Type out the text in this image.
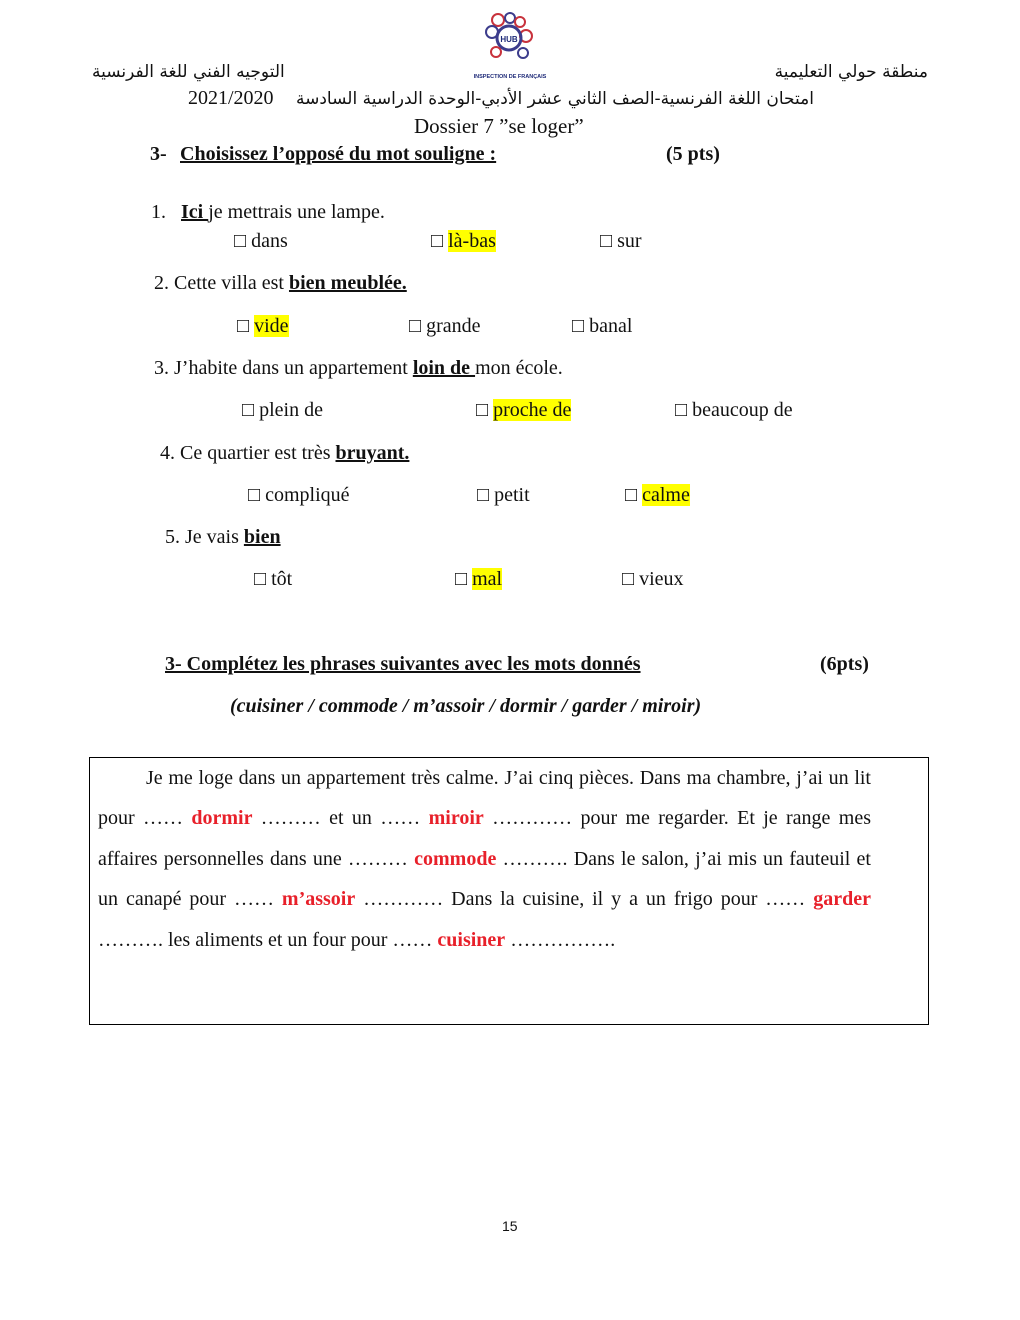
HUB
INSPECTION DE FRANÇAIS
التوجيه الفني للغة الفرنسية	منطقة حولي التعليمية
2021/2020 امتحان اللغة الفرنسية-الصف الثاني عشر الأدبي-الوحدة الدراسية السادسة
Dossier 7 ”se loger”
3- Choisissez l’opposé du mot souligne :	(5 pts)
1. Ici je mettrais une lampe.
□ dans	□ là-bas	□ sur
2. Cette villa est bien meublée.
□ vide	□ grande	□ banal
3. J’habite dans un appartement loin de mon école.
□ plein de	□ proche de	□ beaucoup de
4. Ce quartier est très bruyant.
□ compliqué	□ petit	□ calme
5. Je vais bien
□ tôt	□ mal	□ vieux
3- Complétez les phrases suivantes avec les mots donnés	(6pts)
(cuisiner / commode / m’assoir / dormir / garder / miroir)
Je me loge dans un appartement très calme. J’ai cinq pièces. Dans ma chambre, j’ai un lit pour …… dormir ……… et un …… miroir ………… pour me regarder. Et je range mes affaires personnelles dans une ……… commode ………. Dans le salon, j’ai mis un fauteuil et un canapé pour …… m’assoir ………… Dans la cuisine, il y a un frigo pour …… garder ………. les aliments et un four pour …… cuisiner …………….
15
